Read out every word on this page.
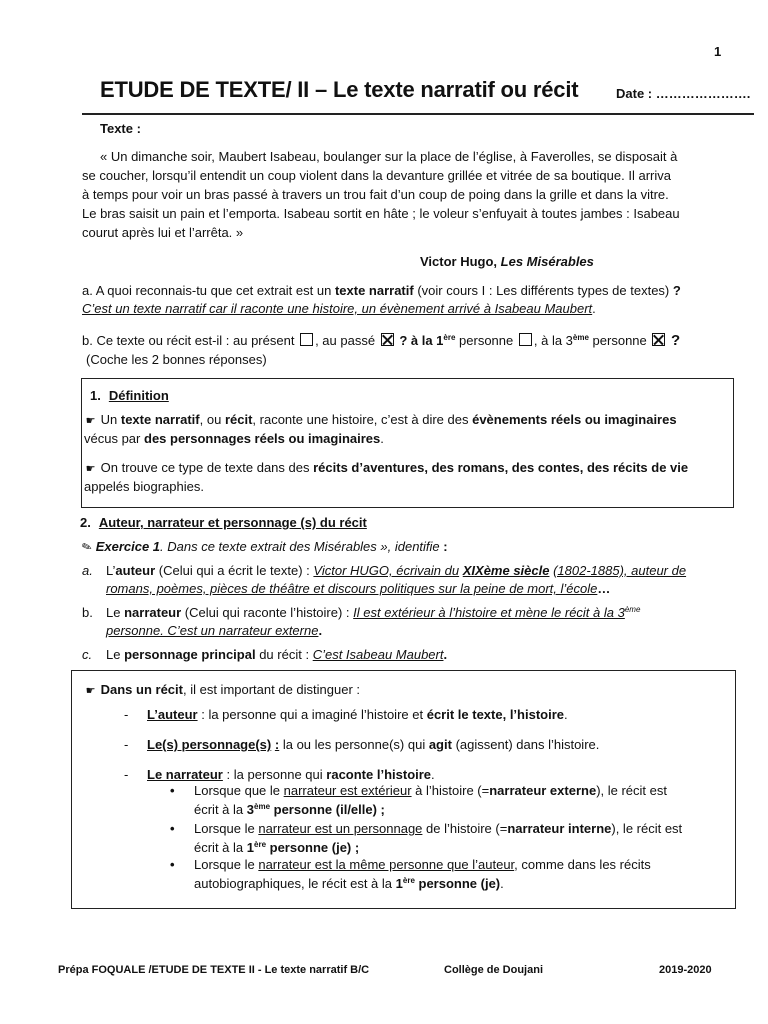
1
ETUDE DE TEXTE/ II – Le texte narratif ou récit	Date : ………………….
Texte :
« Un dimanche soir, Maubert Isabeau, boulanger sur la place de l’église, à Faverolles, se disposait à
se coucher, lorsqu’il entendit un coup violent dans la devanture grillée et vitrée de sa boutique. Il arriva
à temps pour voir un bras passé à travers un trou fait d’un coup de poing dans la grille et dans la vitre.
Le bras saisit un pain et l’emporta. Isabeau sortit en hâte ; le voleur s’enfuyait à toutes jambes : Isabeau
courut après lui et l’arrêta. »
Victor Hugo, Les Misérables
a. A quoi reconnais-tu que cet extrait est un texte narratif (voir cours I : Les différents types de textes) ?
C’est un texte narratif car il raconte une histoire, un évènement arrivé à Isabeau Maubert.
b. Ce texte ou récit est-il : au présent , au passé ? à la 1ère personne , à la 3ème personne ?
(Coche les 2 bonnes réponses)
1. Définition
☛ Un texte narratif, ou récit, raconte une histoire, c’est à dire des évènements réels ou imaginaires
vécus par des personnages réels ou imaginaires.
☛ On trouve ce type de texte dans des récits d’aventures, des romans, des contes, des récits de vie
appelés biographies.
2. Auteur, narrateur et personnage (s) du récit
✎ Exercice 1. Dans ce texte extrait des Misérables », identifie :
a. L’auteur (Celui qui a écrit le texte) : Victor HUGO, écrivain du XIXème siècle (1802-1885), auteur de
romans, poèmes, pièces de théâtre et discours politiques sur la peine de mort, l’école…
b. Le narrateur (Celui qui raconte l’histoire) : Il est extérieur à l’histoire et mène le récit à la 3ème
personne. C’est un narrateur externe.
c. Le personnage principal du récit : C’est Isabeau Maubert.
☛ Dans un récit, il est important de distinguer :
- L’auteur : la personne qui a imaginé l’histoire et écrit le texte, l’histoire.
- Le(s) personnage(s) : la ou les personne(s) qui agit (agissent) dans l’histoire.
- Le narrateur : la personne qui raconte l’histoire.
• Lorsque que le narrateur est extérieur à l’histoire (=narrateur externe), le récit est
écrit à la 3ème personne (il/elle) ;
• Lorsque le narrateur est un personnage de l’histoire (=narrateur interne), le récit est
écrit à la 1ère personne (je) ;
• Lorsque le narrateur est la même personne que l’auteur, comme dans les récits
autobiographiques, le récit est à la 1ère personne (je).
Prépa FOQUALE /ETUDE DE TEXTE II - Le texte narratif B/C	Collège de Doujani	2019-2020
